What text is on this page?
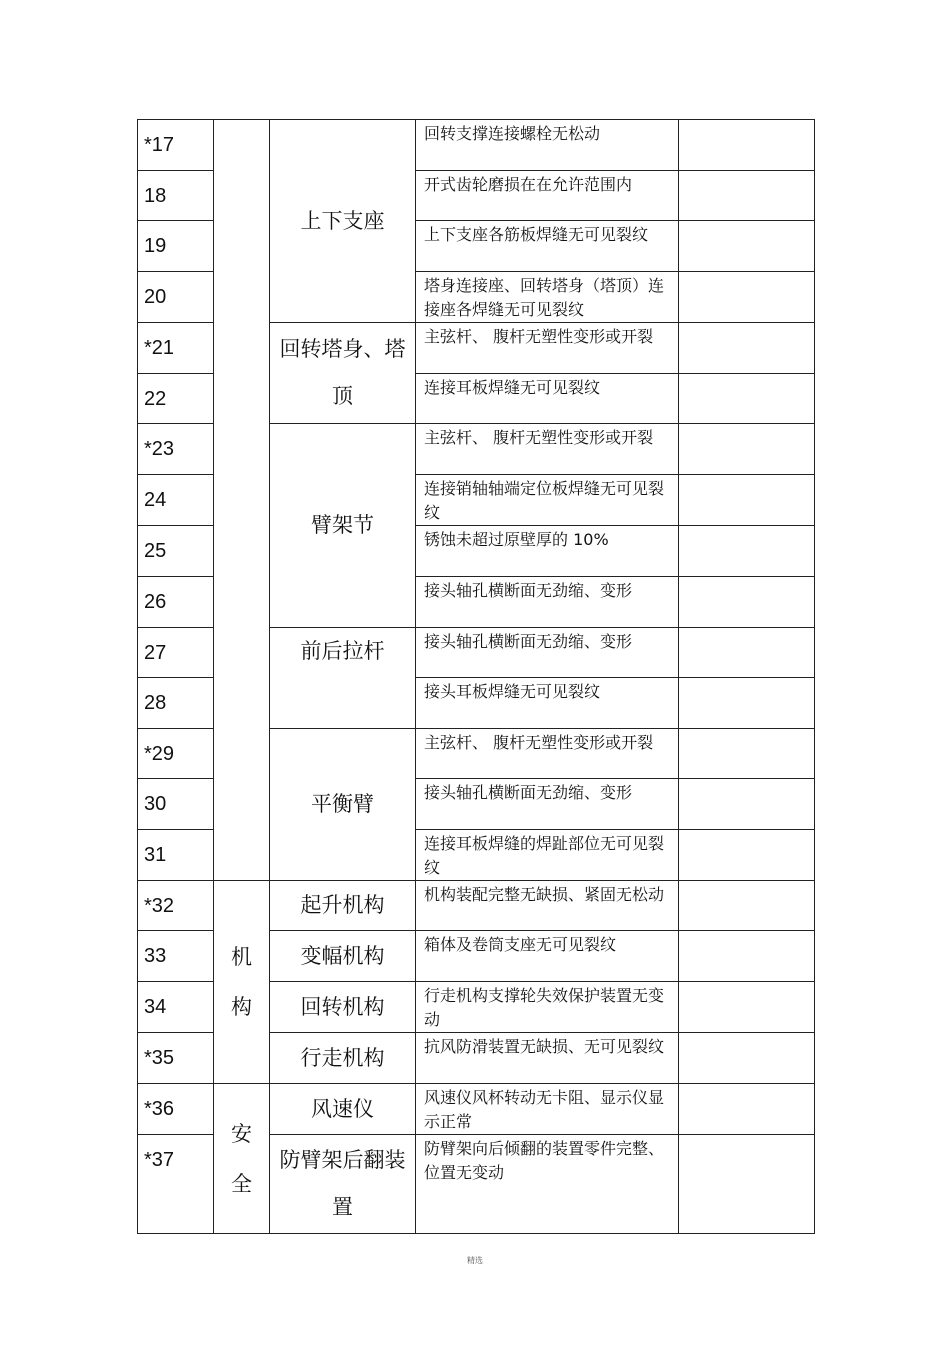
*17		上下支座	回转支撑连接螺栓无松动	
18			开式齿轮磨损在在允许范围内	
19			上下支座各筋板焊缝无可见裂纹	
20			塔身连接座、回转塔身（塔顶）连接座各焊缝无可见裂纹	
*21		回转塔身、塔顶	主弦杆、 腹杆无塑性变形或开裂	
22			连接耳板焊缝无可见裂纹	
*23		臂架节	主弦杆、 腹杆无塑性变形或开裂	
24			连接销轴轴端定位板焊缝无可见裂纹	
25			锈蚀未超过原壁厚的 10%	
26			接头轴孔横断面无劲缩、变形	
27		前后拉杆	接头轴孔横断面无劲缩、变形	
28			接头耳板焊缝无可见裂纹	
*29		平衡臂	主弦杆、 腹杆无塑性变形或开裂	
30			接头轴孔横断面无劲缩、变形	
31			连接耳板焊缝的焊趾部位无可见裂纹	
*32	机构	起升机构	机构装配完整无缺损、紧固无松动	
33		变幅机构	箱体及卷筒支座无可见裂纹	
34		回转机构	行走机构支撑轮失效保护装置无变动	
*35		行走机构	抗风防滑装置无缺损、无可见裂纹	
*36	安全	风速仪	风速仪风杯转动无卡阻、显示仪显示正常	
*37		防臂架后翻装置	防臂架向后倾翻的装置零件完整、位置无变动	
精选
